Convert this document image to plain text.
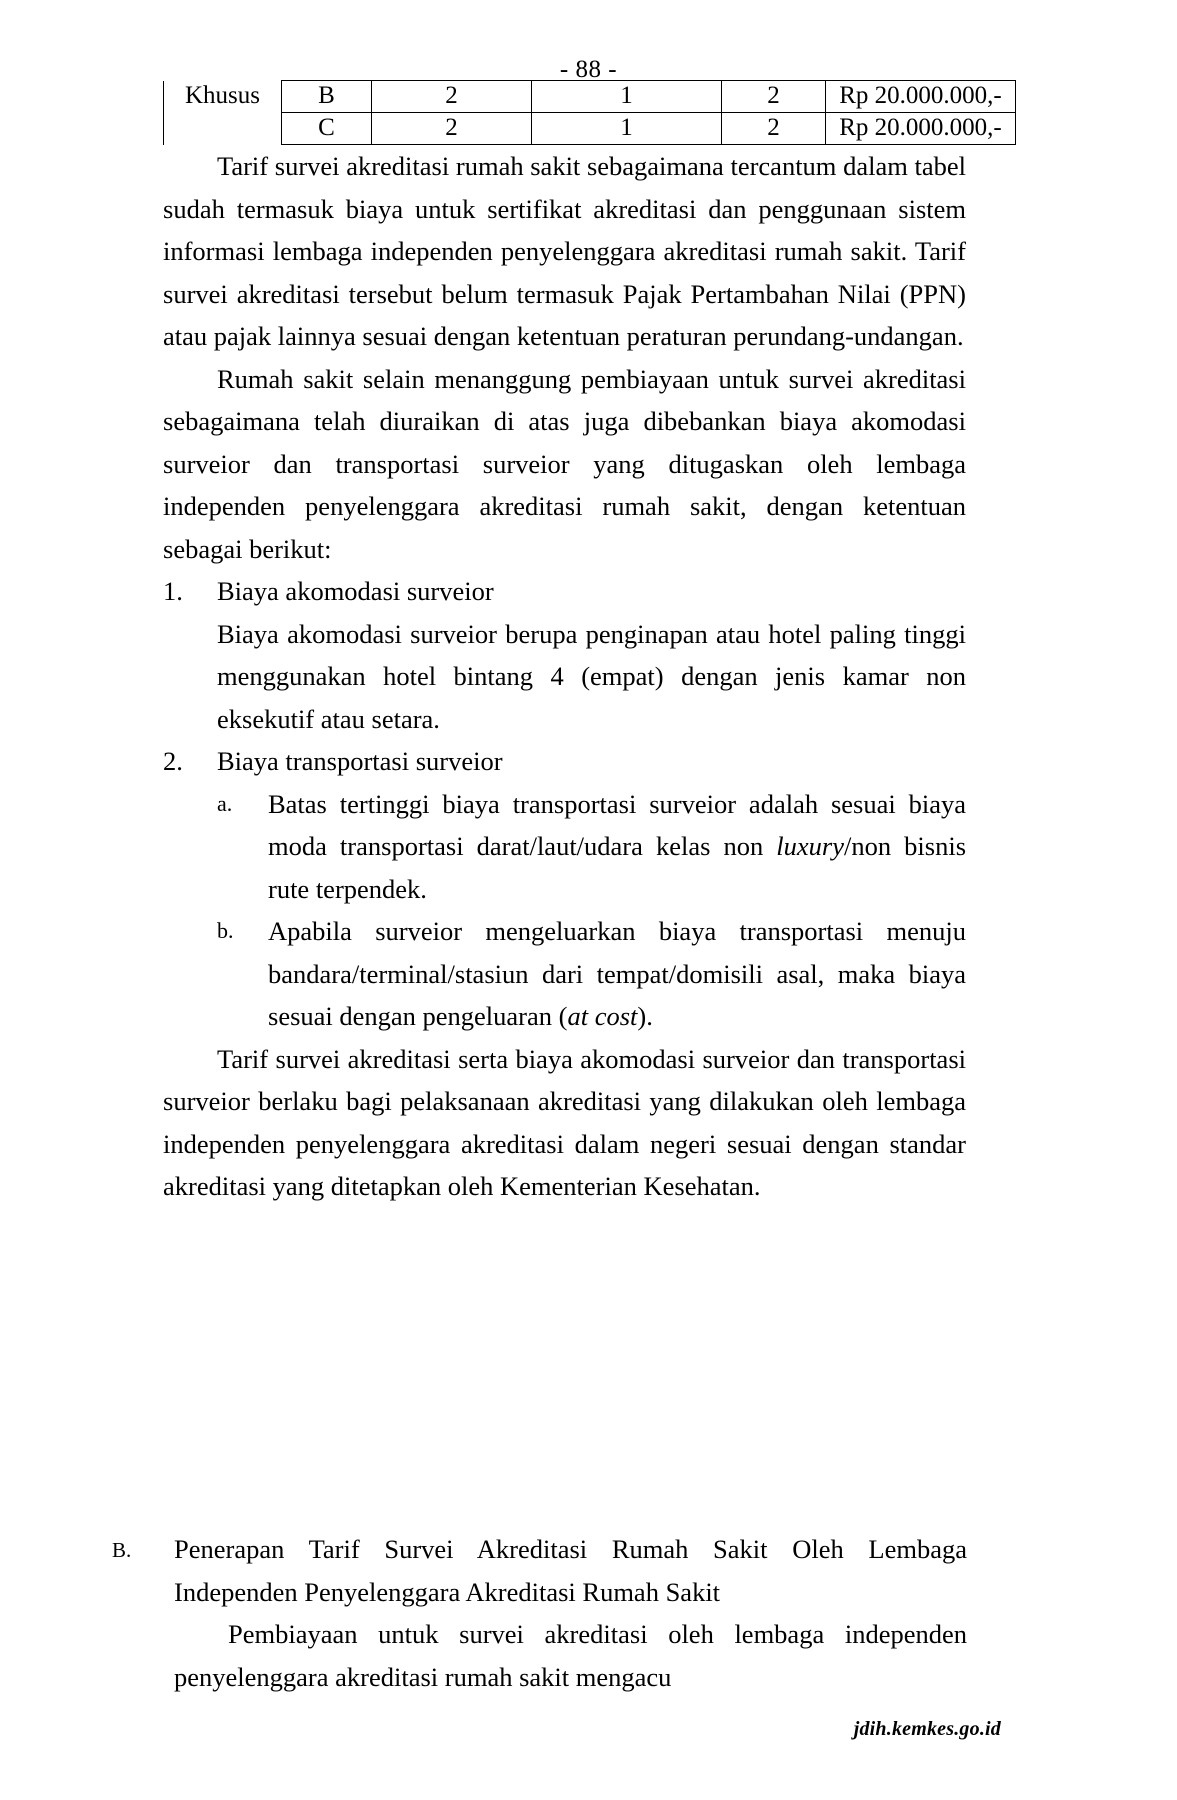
- 88 -
Khusus	B	2	1	2	Rp 20.000.000,-
	C	2	1	2	Rp 20.000.000,-

Tarif survei akreditasi rumah sakit sebagaimana tercantum dalam tabel sudah termasuk biaya untuk sertifikat akreditasi dan penggunaan sistem informasi lembaga independen penyelenggara akreditasi rumah sakit. Tarif survei akreditasi tersebut belum termasuk Pajak Pertambahan Nilai (PPN) atau pajak lainnya sesuai dengan ketentuan peraturan perundang-undangan.

Rumah sakit selain menanggung pembiayaan untuk survei akreditasi sebagaimana telah diuraikan di atas juga dibebankan biaya akomodasi surveior dan transportasi surveior yang ditugaskan oleh lembaga independen penyelenggara akreditasi rumah sakit, dengan ketentuan sebagai berikut:

1.	Biaya akomodasi surveior

Biaya akomodasi surveior berupa penginapan atau hotel paling tinggi menggunakan hotel bintang 4 (empat) dengan jenis kamar non eksekutif atau setara.

2.	Biaya transportasi surveior

a.	Batas tertinggi biaya transportasi surveior adalah sesuai biaya moda transportasi darat/laut/udara kelas non luxury/non bisnis rute terpendek.
b.	Apabila surveior mengeluarkan biaya transportasi menuju bandara/terminal/stasiun dari tempat/domisili asal, maka biaya sesuai dengan pengeluaran (at cost).

Tarif survei akreditasi serta biaya akomodasi surveior dan transportasi surveior berlaku bagi pelaksanaan akreditasi yang dilakukan oleh lembaga independen penyelenggara akreditasi dalam negeri sesuai dengan standar akreditasi yang ditetapkan oleh Kementerian Kesehatan.

B.	Penerapan Tarif Survei Akreditasi Rumah Sakit Oleh Lembaga Independen Penyelenggara Akreditasi Rumah Sakit

Pembiayaan untuk survei akreditasi oleh lembaga independen penyelenggara akreditasi rumah sakit mengacu

jdih.kemkes.go.id
